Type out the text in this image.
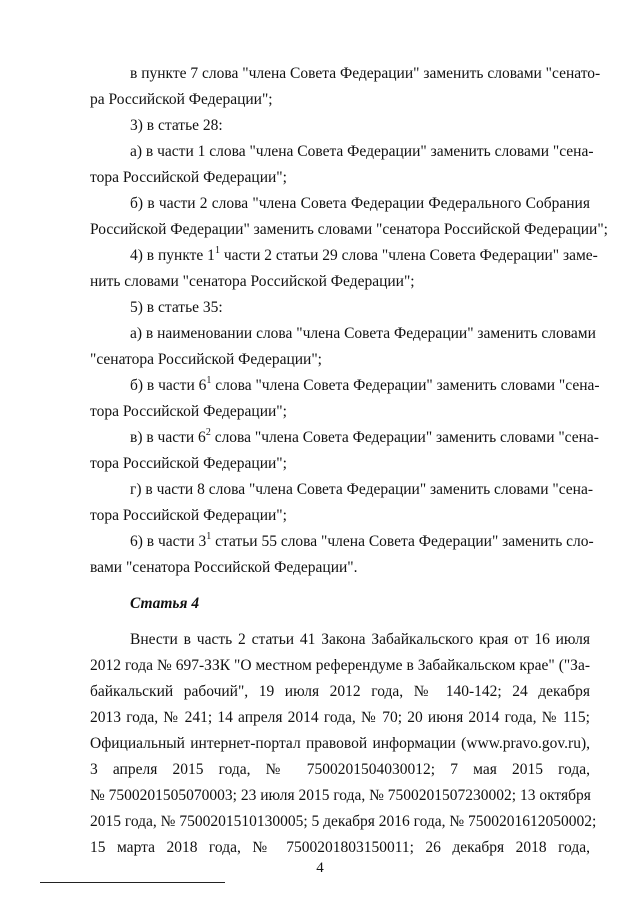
в пункте 7 слова "члена Совета Федерации" заменить словами "сенато-
ра Российской Федерации";
3) в статье 28:
а) в части 1 слова "члена Совета Федерации" заменить словами "сена-
тора Российской Федерации";
б) в части 2 слова "члена Совета Федерации Федерального Собрания
Российской Федерации" заменить словами "сенатора Российской Федерации";
4) в пункте $1^1$ части 2 статьи 29 слова "члена Совета Федерации" заме-
нить словами "сенатора Российской Федерации";
5) в статье 35:
а) в наименовании слова "члена Совета Федерации" заменить словами
"сенатора Российской Федерации";
б) в части $6^1$ слова "члена Совета Федерации" заменить словами "сена-
тора Российской Федерации";
в) в части $6^2$ слова "члена Совета Федерации" заменить словами "сена-
тора Российской Федерации";
г) в части 8 слова "члена Совета Федерации" заменить словами "сена-
тора Российской Федерации";
6) в части $3^1$ статьи 55 слова "члена Совета Федерации" заменить сло-
вами "сенатора Российской Федерации".
Статья 4
Внести в часть 2 статьи 41 Закона Забайкальского края от 16 июля
2012 года № 697-ЗЗК "О местном референдуме в Забайкальском крае" ("За-
байкальский рабочий", 19 июля 2012 года, № 140-142; 24 декабря
2013 года, № 241; 14 апреля 2014 года, № 70; 20 июня 2014 года, № 115;
Официальный интернет-портал правовой информации (www.pravo.gov.ru),
3 апреля 2015 года, № 7500201504030012; 7 мая 2015 года,
№ 7500201505070003; 23 июля 2015 года, № 7500201507230002; 13 октября
2015 года, № 7500201510130005; 5 декабря 2016 года, № 7500201612050002;
15 марта 2018 года, № 7500201803150011; 26 декабря 2018 года,
4
